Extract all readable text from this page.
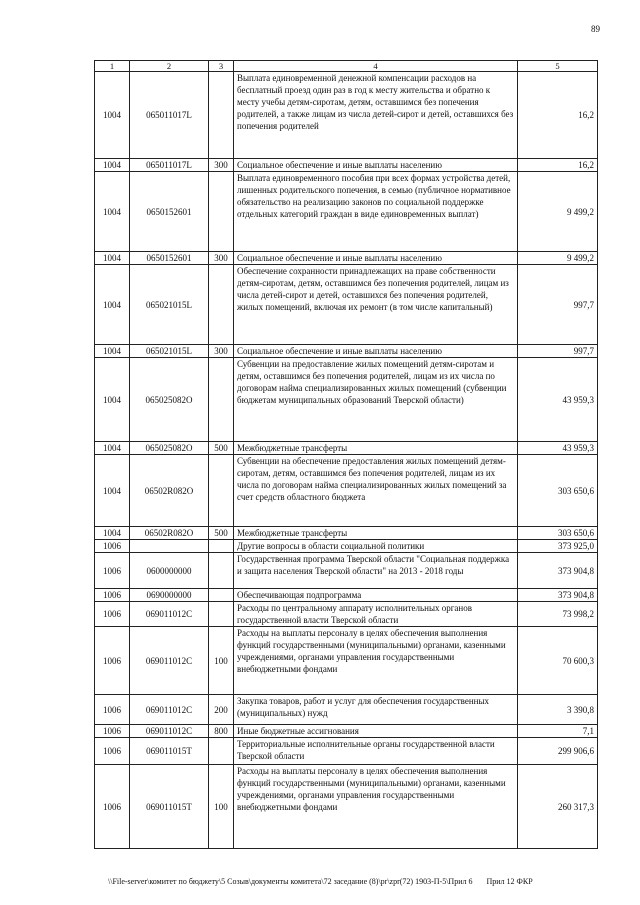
89
1	2	3	4	5
1004	065011017L		Выплата единовременной денежной компенсации расходов на бесплатный проезд один раз в год к месту жительства и обратно к месту учебы детям-сиротам, детям, оставшимся без попечения родителей, а также лицам из числа детей-сирот и детей, оставшихся без попечения родителей	16,2
1004	065011017L	300	Социальное обеспечение и иные выплаты населению	16,2
1004	0650152601		Выплата единовременного пособия при всех формах устройства детей, лишенных родительского попечения, в семью (публичное нормативное обязательство на реализацию законов по социальной поддержке отдельных категорий граждан в виде единовременных выплат)	9 499,2
1004	0650152601	300	Социальное обеспечение и иные выплаты населению	9 499,2
1004	065021015L		Обеспечение сохранности принадлежащих на праве собственности детям-сиротам, детям, оставшимся без попечения родителей, лицам из числа детей-сирот и детей, оставшихся без попечения родителей, жилых помещений, включая их ремонт (в том числе капитальный)	997,7
1004	065021015L	300	Социальное обеспечение и иные выплаты населению	997,7
1004	065025082O		Субвенции на предоставление жилых помещений детям-сиротам и детям, оставшимся без попечения родителей, лицам из их числа по договорам найма специализированных жилых помещений (субвенции бюджетам муниципальных образований Тверской области)	43 959,3
1004	065025082O	500	Межбюджетные трансферты	43 959,3
1004	06502R082O		Субвенции на обеспечение предоставления жилых помещений детям-сиротам, детям, оставшимся без попечения родителей, лицам из их числа по договорам найма специализированных жилых помещений за счет средств областного бюджета	303 650,6
1004	06502R082O	500	Межбюджетные трансферты	303 650,6
1006			Другие вопросы в области социальной политики	373 925,0
1006	0600000000		Государственная программа Тверской области "Социальная поддержка и защита населения Тверской области" на 2013 - 2018 годы	373 904,8
1006	0690000000		Обеспечивающая подпрограмма	373 904,8
1006	069011012C		Расходы по центральному аппарату исполнительных органов государственной власти Тверской области	73 998,2
1006	069011012C	100	Расходы на выплаты персоналу в целях обеспечения выполнения функций государственными (муниципальными) органами, казенными учреждениями, органами управления государственными внебюджетными фондами	70 600,3
1006	069011012C	200	Закупка товаров, работ и услуг для обеспечения государственных (муниципальных) нужд	3 390,8
1006	069011012C	800	Иные бюджетные ассигнования	7,1
1006	069011015T		Территориальные исполнительные органы государственной власти Тверской области	299 906,6
1006	069011015T	100	Расходы на выплаты персоналу в целях обеспечения выполнения функций государственными (муниципальными) органами, казенными учреждениями, органами управления государственными внебюджетными фондами	260 317,3
\\File-server\комитет по бюджету\5 Созыв\документы комитета\72 заседание (8)\pr\zpr(72) 1903-П-5\Прил 6 Прил 12 ФКР
